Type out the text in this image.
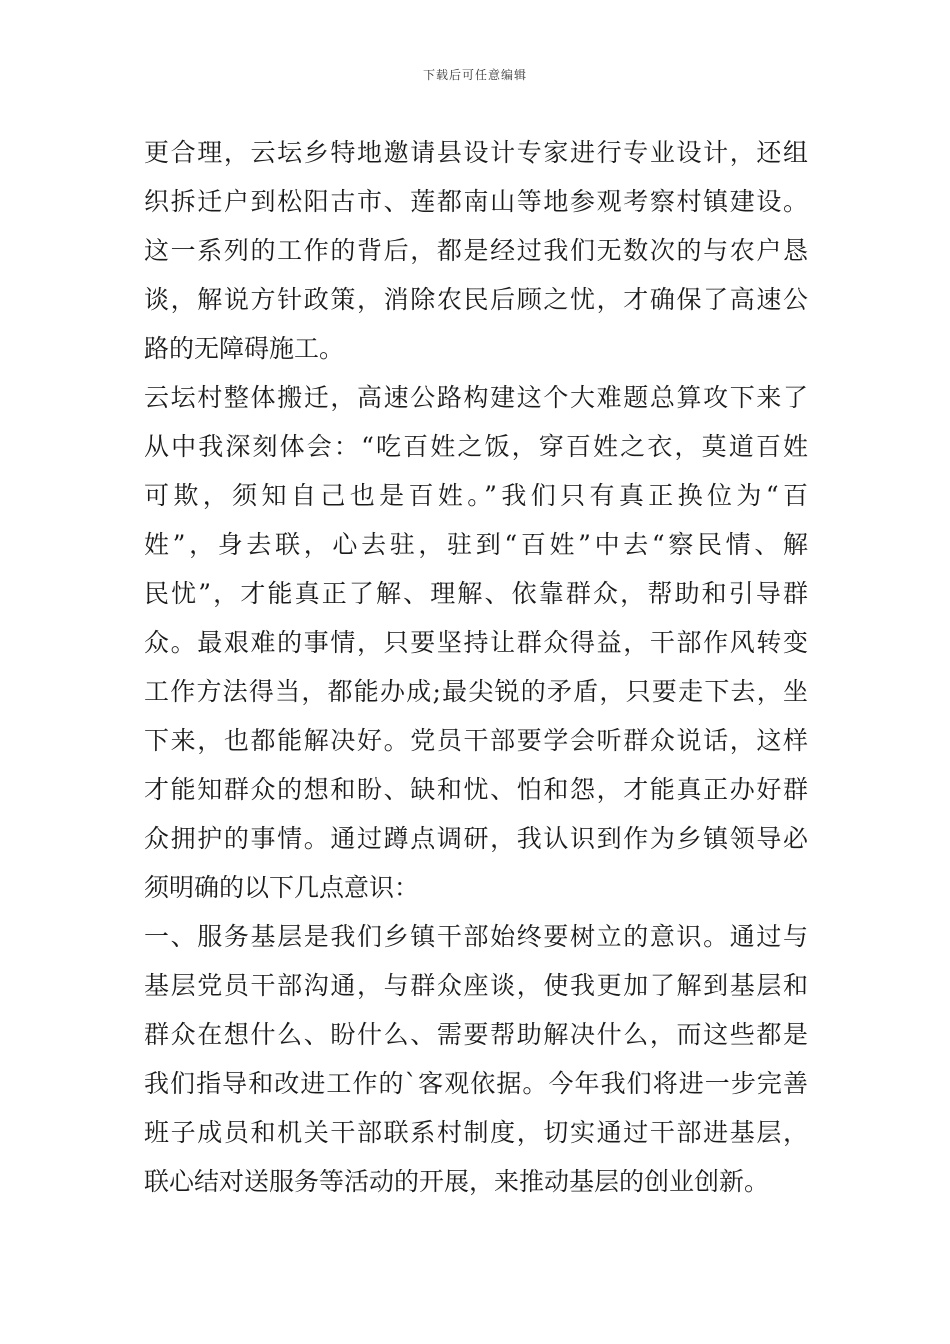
下载后可任意编辑
更合理，云坛乡特地邀请县设计专家进行专业设计，还组
织拆迁户到松阳古市、莲都南山等地参观考察村镇建设。
这一系列的工作的背后，都是经过我们无数次的与农户恳
谈，解说方针政策，消除农民后顾之忧，才确保了高速公
路的无障碍施工。
云坛村整体搬迁，高速公路构建这个大难题总算攻下来了
从中我深刻体会：“吃百姓之饭，穿百姓之衣，莫道百姓
可欺，须知自己也是百姓。”我们只有真正换位为“百
姓”，身去联，心去驻，驻到“百姓”中去“察民情、解
民忧”，才能真正了解、理解、依靠群众，帮助和引导群
众。最艰难的事情，只要坚持让群众得益，干部作风转变
工作方法得当，都能办成;最尖锐的矛盾，只要走下去，坐
下来，也都能解决好。党员干部要学会听群众说话，这样
才能知群众的想和盼、缺和忧、怕和怨，才能真正办好群
众拥护的事情。通过蹲点调研，我认识到作为乡镇领导必
须明确的以下几点意识：
一、服务基层是我们乡镇干部始终要树立的意识。通过与
基层党员干部沟通，与群众座谈，使我更加了解到基层和
群众在想什么、盼什么、需要帮助解决什么，而这些都是
我们指导和改进工作的`客观依据。今年我们将进一步完善
班子成员和机关干部联系村制度，切实通过干部进基层，
联心结对送服务等活动的开展，来推动基层的创业创新。
